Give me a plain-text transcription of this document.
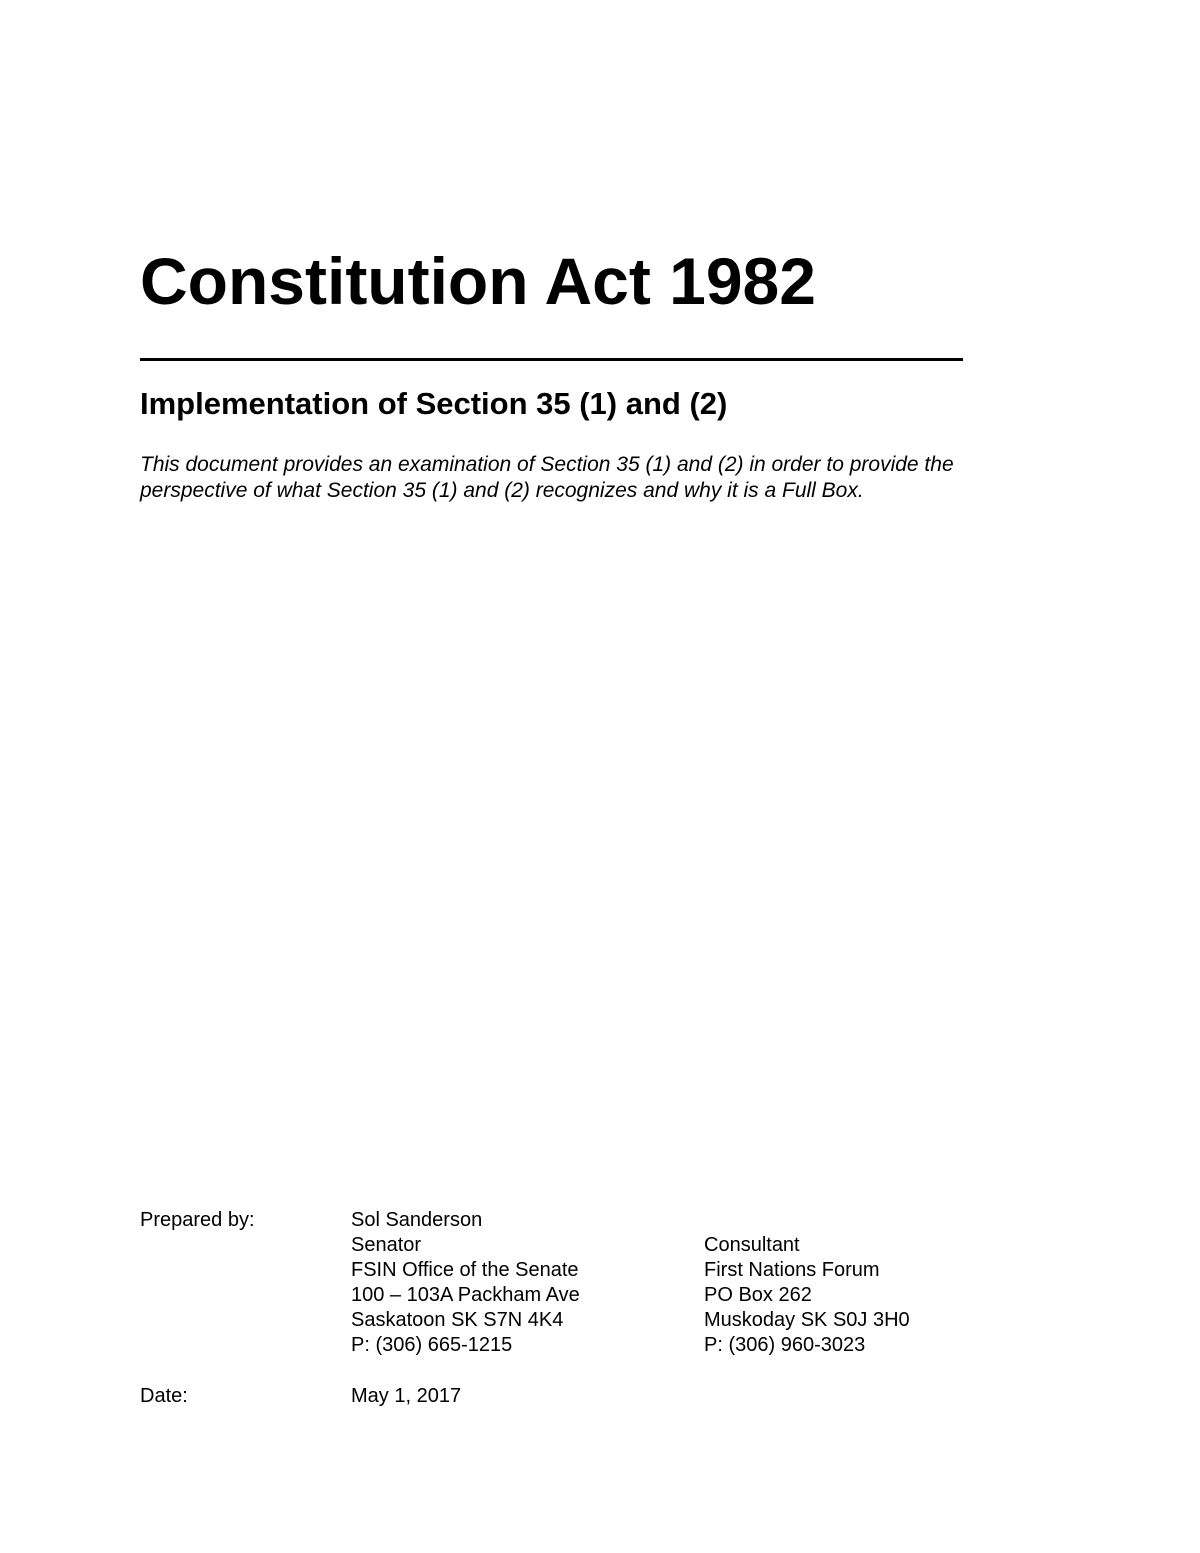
Constitution Act 1982
Implementation of Section 35 (1) and (2)
This document provides an examination of Section 35 (1) and (2) in order to provide the
perspective of what Section 35 (1) and (2) recognizes and why it is a Full Box.
Prepared by:	Sol Sanderson
Senator
FSIN Office of the Senate
100 – 103A Packham Ave
Saskatoon SK S7N 4K4
P: (306) 665-1215
Consultant
First Nations Forum
PO Box 262
Muskoday SK S0J 3H0
P: (306) 960-3023
Date:	May 1, 2017
